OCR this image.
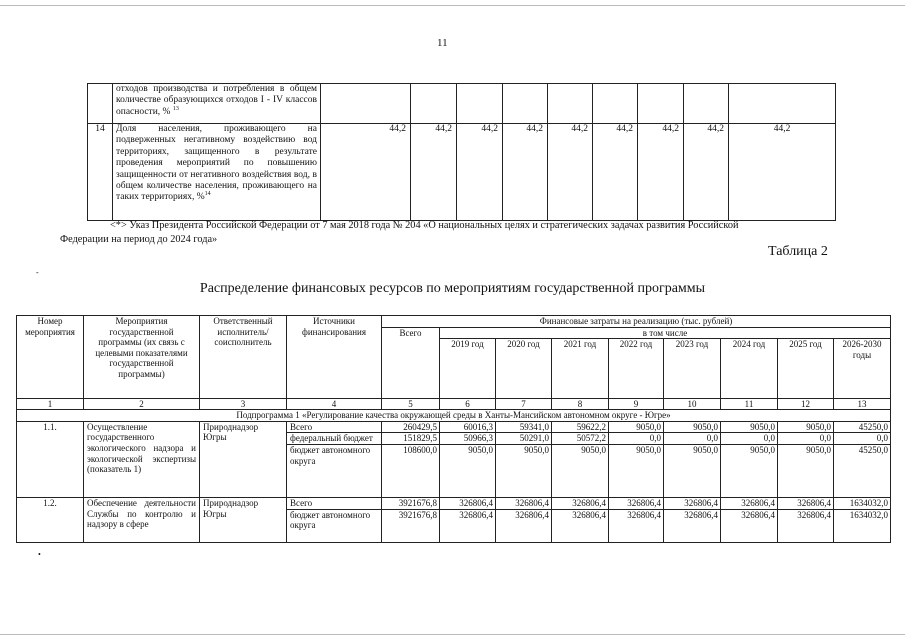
11
	отходов производства и потребления в общем количестве образующихся отходов I - IV классов опасности, % $^{13}$									
14	Доля населения, проживающего на подверженных негативному воздействию вод территориях, защищенного в результате проведения мероприятий по повышению защищенности от негативного воздействия вод, в общем количестве населения, проживающего на таких территориях, %$^{14}$	44,2	44,2	44,2	44,2	44,2	44,2	44,2	44,2	44,2
<*> Указ Президента Российской Федерации от 7 мая 2018 года № 204 «О национальных целях и стратегических задачах развития Российской
Федерации на период до 2024 года»
Таблица 2
-
Распределение финансовых ресурсов по мероприятиям государственной программы
•
Номер мероприятия	Мероприятия государственной программы (их связь с целевыми показателями государственной программы)	Ответственный исполнитель/ соисполнитель	Источники финансирования	Финансовые затраты на реализацию (тыс. рублей)								
				Всего	в том числе							
					2019 год	2020 год	2021 год	2022 год	2023 год	2024 год	2025 год	2026-2030 годы
1	2	3	4	5	6	7	8	9	10	11	12	13
Подпрограмма 1 «Регулирование качества окружающей среды в Ханты-Мансийском автономном округе - Югре»												
1.1.	Осуществление государственного экологического надзора и экологической экспертизы (показатель 1)	Природнадзор Югры	Всего	260429,5	60016,3	59341,0	59622,2	9050,0	9050,0	9050,0	9050,0	45250,0
			федеральный бюджет	151829,5	50966,3	50291,0	50572,2	0,0	0,0	0,0	0,0	0,0
			бюджет автономного округа	108600,0	9050,0	9050,0	9050,0	9050,0	9050,0	9050,0	9050,0	45250,0
1.2.	Обеспечение деятельности Службы по контролю и надзору в сфере	Природнадзор Югры	Всего	3921676,8	326806,4	326806,4	326806,4	326806,4	326806,4	326806,4	326806,4	1634032,0
			бюджет автономного округа	3921676,8	326806,4	326806,4	326806,4	326806,4	326806,4	326806,4	326806,4	1634032,0
